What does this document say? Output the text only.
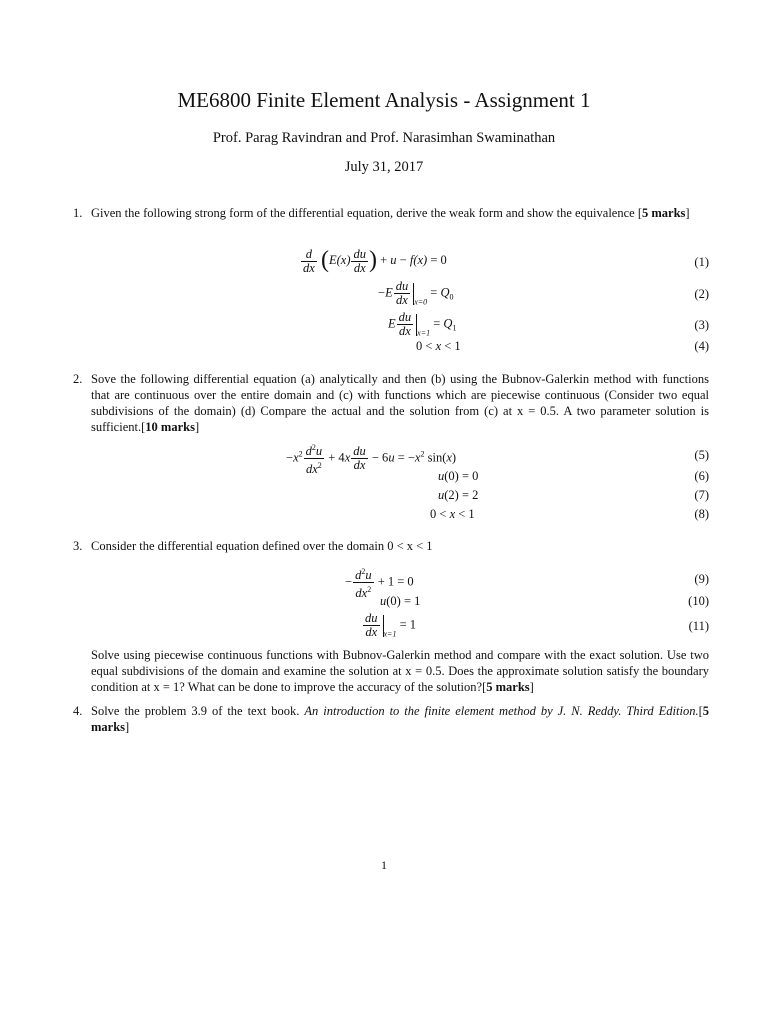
ME6800 Finite Element Analysis - Assignment 1
Prof. Parag Ravindran and Prof. Narasimhan Swaminathan
July 31, 2017
1. Given the following strong form of the differential equation, derive the weak form and show the equivalence [5 marks]
$\frac{d}{dx} (E(x) \frac{du}{dx}$ ) + u − f(x) = 0	(1)
$-E \frac{du}{dx} _{x=0} = Q_0$	(2)
E $\frac{du}{dx} _{x=1} = Q_1$	(3)
0 < x < 1	(4)
2. Sove the following differential equation (a) analytically and then (b) using the Bubnov-Galerkin method with functions that are continuous over the entire domain and (c) with functions which are piecewise continuous (Consider two equal subdivisions of the domain) (d) Compare the actual and the solution from (c) at x = 0.5. A two parameter solution is sufficient.[10 marks]
$-x^2 \frac{d^2u}{dx^2} + 4x \frac{du}{dx} - 6u = -x^2$ sin(x)	(5)
u(0) = 0	(6)
u(2) = 2	(7)
0 < x < 1	(8)
3. Consider the differential equation defined over the domain 0 < x < 1
− $\frac{d^2u}{dx^2} + 1 = 0$	(9)
u(0) = 1	(10)
$\frac{du}{dx} _{x=1} = 1$	(11)
Solve using piecewise continuous functions with Bubnov-Galerkin method and compare with the exact solution. Use two equal subdivisions of the domain and examine the solution at x = 0.5. Does the approximate solution satisfy the boundary condition at x = 1? What can be done to improve the accuracy of the solution?[5 marks]
4. Solve the problem 3.9 of the text book. An introduction to the finite element method by J. N. Reddy. Third Edition.[5 marks]
1
